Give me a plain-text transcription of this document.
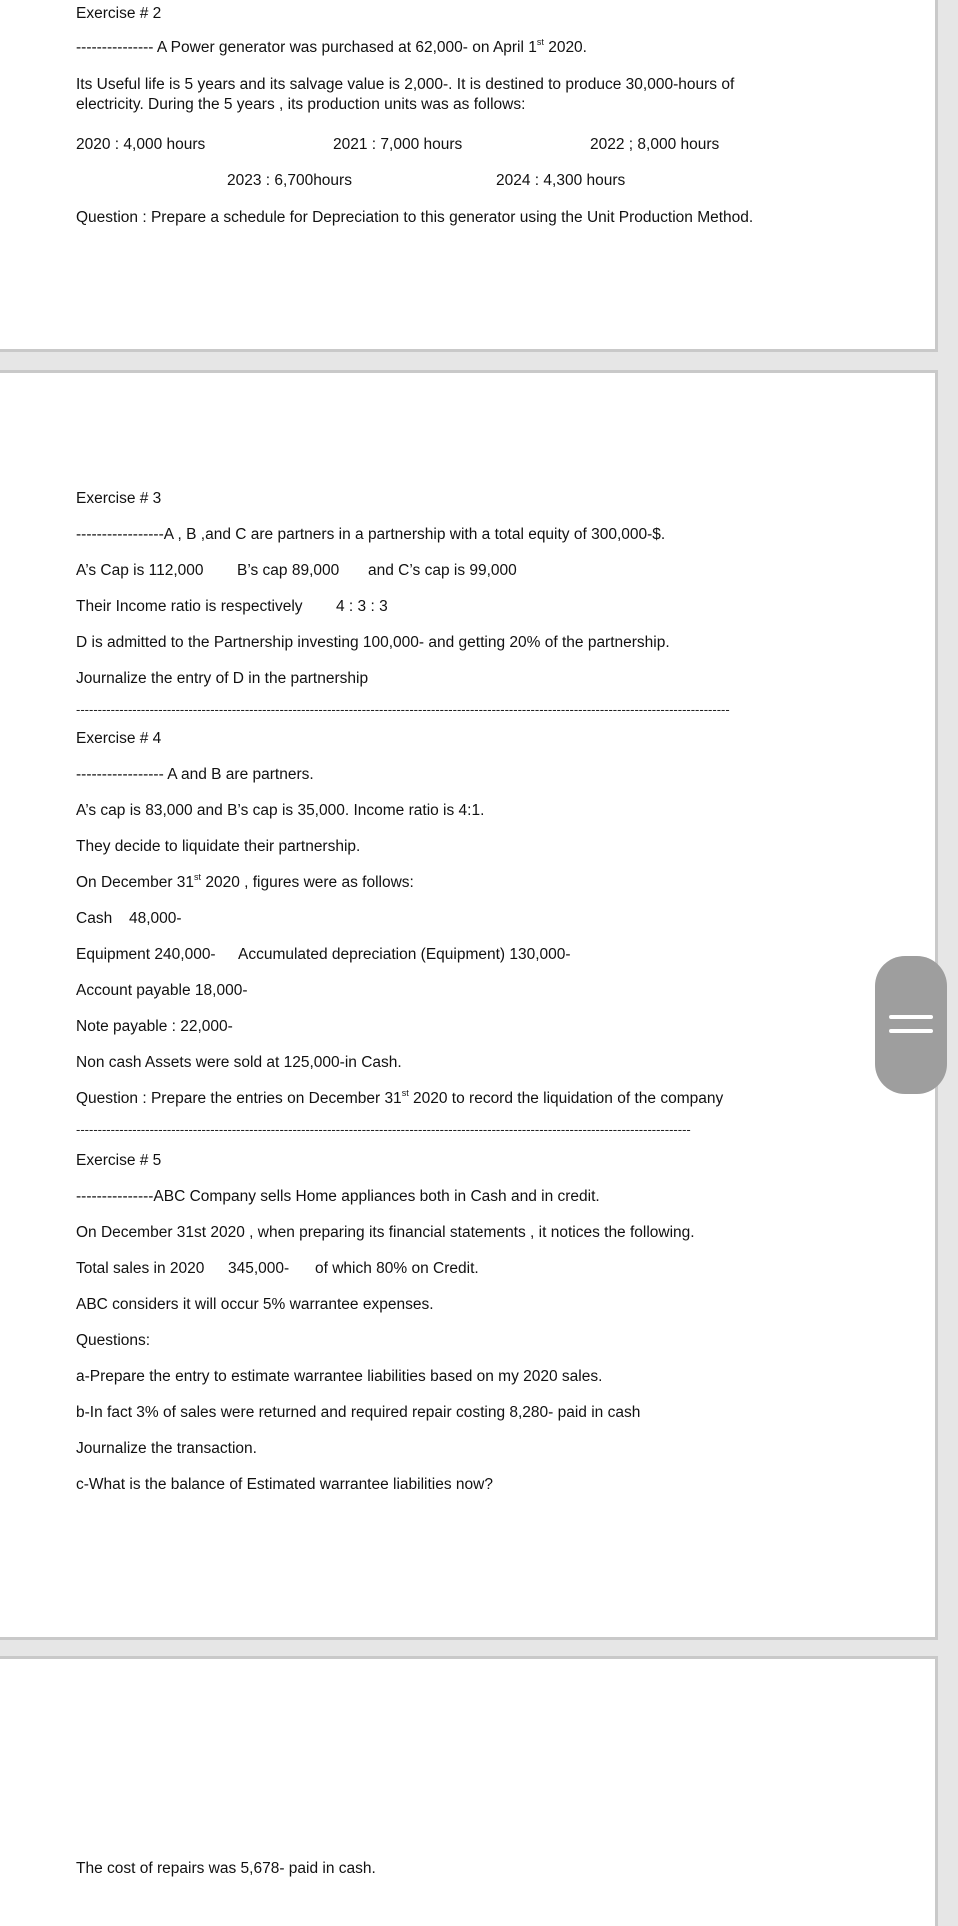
Exercise # 2

--------------- A Power generator was purchased at 62,000- on April 1st 2020.

Its Useful life is 5 years and its salvage value is 2,000-. It is destined to produce 30,000-hours of electricity. During the 5 years , its production units was as follows:

2020 : 4,000 hours	2021 : 7,000 hours	2022 ; 8,000 hours

2023 : 6,700hours	2024 : 4,300 hours

Question : Prepare a schedule for Depreciation to this generator using the Unit Production Method.

Exercise # 3

-----------------A , B ,and C are partners in a partnership with a total equity of 300,000-$.

A’s Cap is 112,000 B’s cap 89,000 and C’s cap is 99,000

Their Income ratio is respectively 4 : 3 : 3

D is admitted to the Partnership investing 100,000- and getting 20% of the partnership.

Journalize the entry of D in the partnership

-------------------------------------------------------------------------------------------------------------------------------------------------------

Exercise # 4

----------------- A and B are partners.

A’s cap is 83,000 and B’s cap is 35,000. Income ratio is 4:1.

They decide to liquidate their partnership.

On December 31st 2020 , figures were as follows:

Cash 48,000-

Equipment 240,000- Accumulated depreciation (Equipment) 130,000-

Account payable 18,000-

Note payable : 22,000-

Non cash Assets were sold at 125,000-in Cash.

Question : Prepare the entries on December 31st 2020 to record the liquidation of the company

----------------------------------------------------------------------------------------------------------------------------------------------

Exercise # 5

---------------ABC Company sells Home appliances both in Cash and in credit.

On December 31st 2020 , when preparing its financial statements , it notices the following.

Total sales in 2020 345,000- of which 80% on Credit.

ABC considers it will occur 5% warrantee expenses.

Questions:

a-Prepare the entry to estimate warrantee liabilities based on my 2020 sales.

b-In fact 3% of sales were returned and required repair costing 8,280- paid in cash

Journalize the transaction.

c-What is the balance of Estimated warrantee liabilities now?

The cost of repairs was 5,678- paid in cash.
